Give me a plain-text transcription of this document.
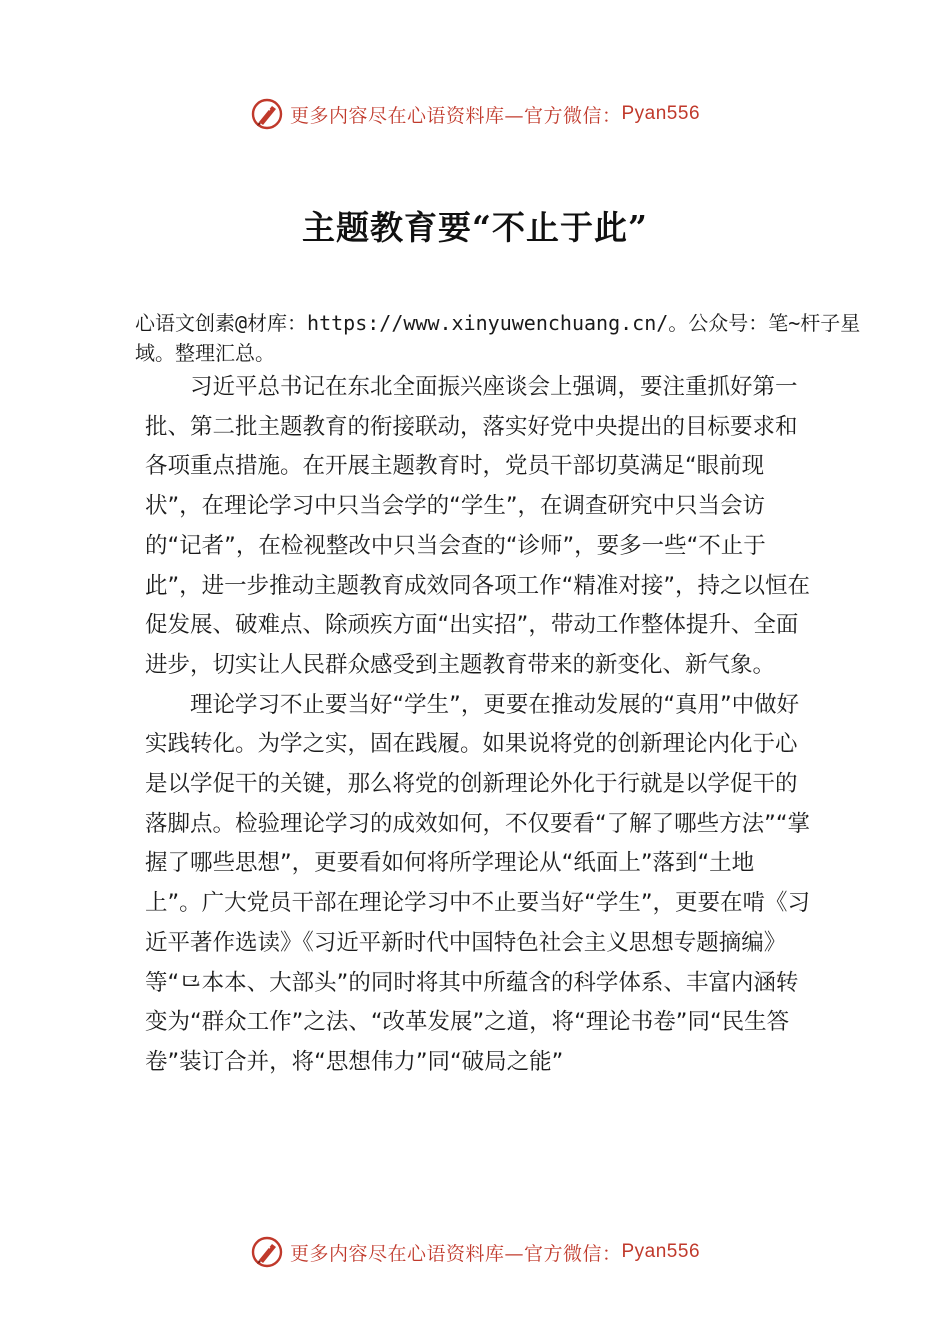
更多内容尽在心语资料库—官方微信： Pyan556
主题教育要“不止于此”
心语文创素@材库：https://www.xinyuwenchuang.cn/。公众号：笔~杆子星域。整理汇总。

习近平总书记在东北全面振兴座谈会上强调，要注重抓好第一批、第二批主题教育的衔接联动，落实好党中央提出的目标要求和各项重点措施。在开展主题教育时，党员干部切莫满足“眼前现状”，在理论学习中只当会学的“学生”，在调查研究中只当会访的“记者”，在检视整改中只当会查的“诊师”，要多一些“不止于此”，进一步推动主题教育成效同各项工作“精准对接”，持之以恒在促发展、破难点、除顽疾方面“出实招”，带动工作整体提升、全面进步，切实让人民群众感受到主题教育带来的新变化、新气象。

理论学习不止要当好“学生”，更要在推动发展的“真用”中做好实践转化。为学之实，固在践履。如果说将党的创新理论内化于心是以学促干的关键，那么将党的创新理论外化于行就是以学促干的落脚点。检验理论学习的成效如何，不仅要看“了解了哪些方法”“掌握了哪些思想”，更要看如何将所学理论从“纸面上”落到“土地上”。广大党员干部在理论学习中不止要当好“学生”，更要在啃《习近平著作选读》《习近平新时代中国特色社会主义思想专题摘编》等“⺋本本、大部头”的同时将其中所蕴含的科学体系、丰富内涵转变为“群众工作”之法、“改革发展”之道，将“理论书卷”同“民生答卷”装订合并，将“思想伟力”同“破局之能”

更多内容尽在心语资料库—官方微信： Pyan556
